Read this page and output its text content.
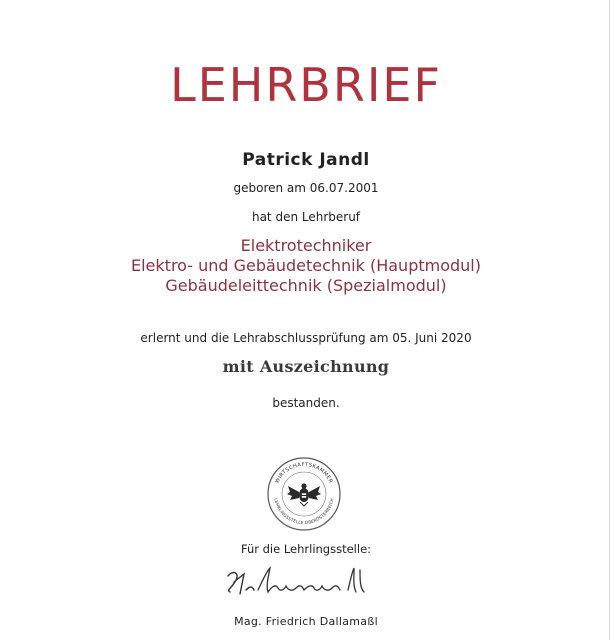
LEHRBRIEF
Patrick Jandl
geboren am 06.07.2001
hat den Lehrberuf
Elektrotechniker
Elektro- und Gebäudetechnik (Hauptmodul)
Gebäudeleittechnik (Spezialmodul)
erlernt und die Lehrabschlussprüfung am 05. Juni 2020
mit Auszeichnung
bestanden.
WIRTSCHAFTSKAMMER
LEHRLINGSSTELLE OBERÖSTERREICH
Für die Lehrlingsstelle:
Mag. Friedrich Dallamaßl
